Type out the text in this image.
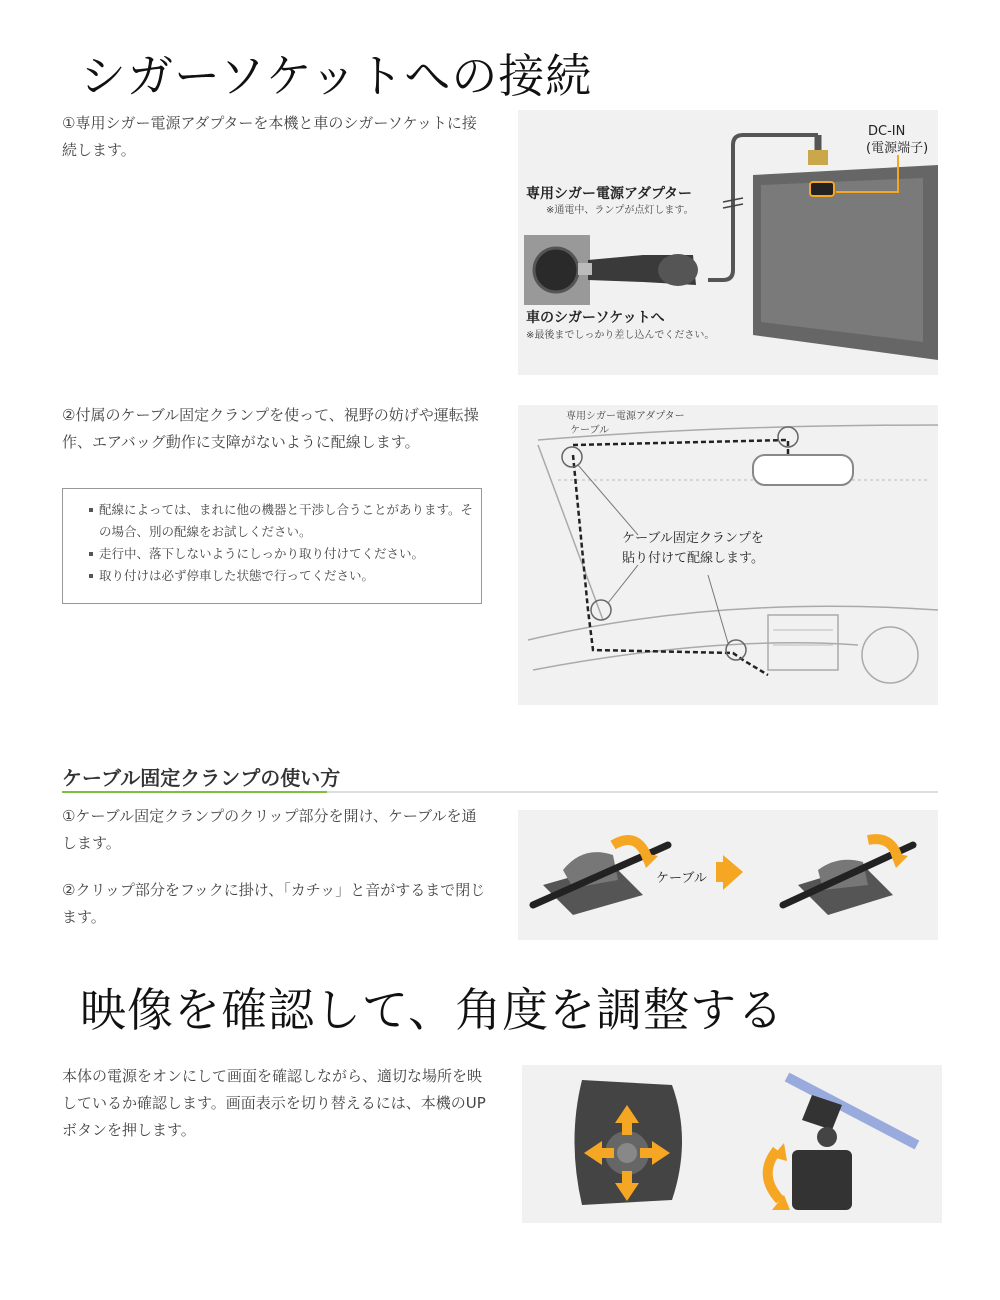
シガーソケットへの接続
①専用シガー電源アダプターを本機と車のシガーソケットに接続します。
DC-IN
(電源端子)
専用シガー電源アダプター
※通電中、ランプが点灯します。
車のシガーソケットへ
※最後までしっかり差し込んでください。
②付属のケーブル固定クランプを使って、視野の妨げや運転操作、エアバッグ動作に支障がないように配線します。
配線によっては、まれに他の機器と干渉し合うことがあります。その場合、別の配線をお試しください。
走行中、落下しないようにしっかり取り付けてください。
取り付けは必ず停車した状態で行ってください。
専用シガー電源アダプター
ケーブル
ケーブル固定クランプを
貼り付けて配線します。
ケーブル固定クランプの使い方
①ケーブル固定クランプのクリップ部分を開け、ケーブルを通します。
②クリップ部分をフックに掛け、「カチッ」と音がするまで閉じます。
ケーブル
映像を確認して、角度を調整する
本体の電源をオンにして画面を確認しながら、適切な場所を映しているか確認します。画面表示を切り替えるには、本機のUPボタンを押します。
